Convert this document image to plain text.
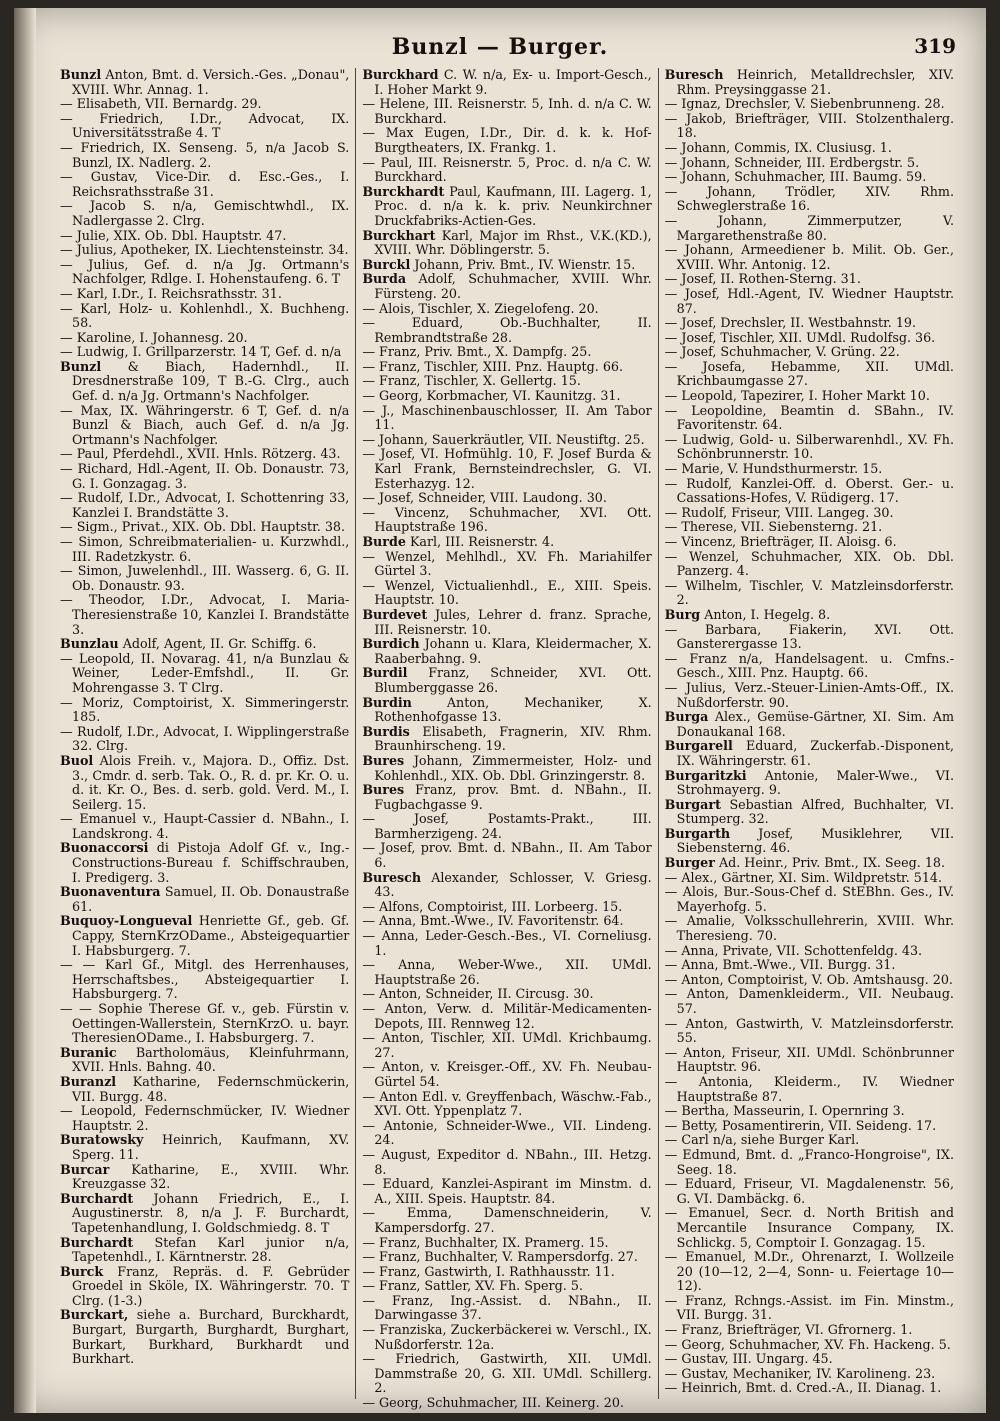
Bunzl — Burger.	319

Bunzl Anton, Bmt. d. Versich.-Ges. „Donau", XVIII. Whr. Annag. 1.

— Elisabeth, VII. Bernardg. 29.

— Friedrich, I.Dr., Advocat, IX. Universitätsstraße 4. T

— Friedrich, IX. Senseng. 5, n/a Jacob S. Bunzl, IX. Nadlerg. 2.

— Gustav, Vice-Dir. d. Esc.-Ges., I. Reichsrathsstraße 31.

— Jacob S. n/a, Gemischtwhdl., IX. Nadlergasse 2. Clrg.

— Julie, XIX. Ob. Dbl. Hauptstr. 47.

— Julius, Apotheker, IX. Liechtensteinstr. 34.

— Julius, Gef. d. n/a Jg. Ortmann's Nachfolger, Rdlge. I. Hohenstaufeng. 6. T

— Karl, I.Dr., I. Reichsrathsstr. 31.

— Karl, Holz- u. Kohlenhdl., X. Buchheng. 58.

— Karoline, I. Johannesg. 20.

— Ludwig, I. Grillparzerstr. 14 T, Gef. d. n/a

Bunzl & Biach, Hadernhdl., II. Dresdnerstraße 109, T B.-G. Clrg., auch Gef. d. n/a Jg. Ortmann's Nachfolger.

— Max, IX. Währingerstr. 6 T, Gef. d. n/a Bunzl & Biach, auch Gef. d. n/a Jg. Ortmann's Nachfolger.

— Paul, Pferdehdl., XVII. Hnls. Rötzerg. 43.

— Richard, Hdl.-Agent, II. Ob. Donaustr. 73, G. I. Gonzagag. 3.

— Rudolf, I.Dr., Advocat, I. Schottenring 33, Kanzlei I. Brandstätte 3.

— Sigm., Privat., XIX. Ob. Dbl. Hauptstr. 38.

— Simon, Schreibmaterialien- u. Kurzwhdl., III. Radetzkystr. 6.

— Simon, Juwelenhdl., III. Wasserg. 6, G. II. Ob. Donaustr. 93.

— Theodor, I.Dr., Advocat, I. Maria-Theresienstraße 10, Kanzlei I. Brandstätte 3.

Bunzlau Adolf, Agent, II. Gr. Schiffg. 6.

— Leopold, II. Novarag. 41, n/a Bunzlau & Weiner, Leder-Emfshdl., II. Gr. Mohrengasse 3. T Clrg.

— Moriz, Comptoirist, X. Simmeringerstr. 185.

— Rudolf, I.Dr., Advocat, I. Wipplingerstraße 32. Clrg.

Buol Alois Freih. v., Majora. D., Offiz. Dst. 3., Cmdr. d. serb. Tak. O., R. d. pr. Kr. O. u. d. it. Kr. O., Bes. d. serb. gold. Verd. M., I. Seilerg. 15.

— Emanuel v., Haupt-Cassier d. NBahn., I. Landskrong. 4.

Buonaccorsi di Pistoja Adolf Gf. v., Ing.-Constructions-Bureau f. Schiffschrauben, I. Predigerg. 3.

Buonaventura Samuel, II. Ob. Donaustraße 61.

Buquoy-Longueval Henriette Gf., geb. Gf. Cappy, SternKrzODame., Absteigequartier I. Habsburgerg. 7.

— — Karl Gf., Mitgl. des Herrenhauses, Herrschaftsbes., Absteigequartier I. Habsburgerg. 7.

— — Sophie Therese Gf. v., geb. Fürstin v. Oettingen-Wallerstein, SternKrzO. u. bayr. TheresienODame., I. Habsburgerg. 7.

Buranic Bartholomäus, Kleinfuhrmann, XVII. Hnls. Bahng. 40.

Buranzl Katharine, Federnschmückerin, VII. Burgg. 48.

— Leopold, Federnschmücker, IV. Wiedner Hauptstr. 2.

Buratowsky Heinrich, Kaufmann, XV. Sperg. 11.

Burcar Katharine, E., XVIII. Whr. Kreuzgasse 32.

Burchardt Johann Friedrich, E., I. Augustinerstr. 8, n/a J. F. Burchardt, Tapetenhandlung, I. Goldschmiedg. 8. T

Burchardt Stefan Karl junior n/a, Tapetenhdl., I. Kärntnerstr. 28.

Burck Franz, Repräs. d. F. Gebrüder Groedel in Sköle, IX. Währingerstr. 70. T Clrg. (1-3.)

Burckart, siehe a. Burchard, Burckhardt, Burgart, Burgarth, Burghardt, Burghart, Burkart, Burkhard, Burkhardt und Burkhart.

Burckhard C. W. n/a, Ex- u. Import-Gesch., I. Hoher Markt 9.

— Helene, III. Reisnerstr. 5, Inh. d. n/a C. W. Burckhard.

— Max Eugen, I.Dr., Dir. d. k. k. Hof-Burgtheaters, IX. Frankg. 1.

— Paul, III. Reisnerstr. 5, Proc. d. n/a C. W. Burckhard.

Burckhardt Paul, Kaufmann, III. Lagerg. 1, Proc. d. n/a k. k. priv. Neunkirchner Druckfabriks-Actien-Ges.

Burckhart Karl, Major im Rhst., V.K.(KD.), XVIII. Whr. Döblingerstr. 5.

Burckl Johann, Priv. Bmt., IV. Wienstr. 15.

Burda Adolf, Schuhmacher, XVIII. Whr. Fürsteng. 20.

— Alois, Tischler, X. Ziegelofeng. 20.

— Eduard, Ob.-Buchhalter, II. Rembrandtstraße 28.

— Franz, Priv. Bmt., X. Dampfg. 25.

— Franz, Tischler, XIII. Pnz. Hauptg. 66.

— Franz, Tischler, X. Gellertg. 15.

— Georg, Korbmacher, VI. Kaunitzg. 31.

— J., Maschinenbauschlosser, II. Am Tabor 11.

— Johann, Sauerkräutler, VII. Neustiftg. 25.

— Josef, VI. Hofmühlg. 10, F. Josef Burda & Karl Frank, Bernsteindrechsler, G. VI. Esterhazyg. 12.

— Josef, Schneider, VIII. Laudong. 30.

— Vincenz, Schuhmacher, XVI. Ott. Hauptstraße 196.

Burde Karl, III. Reisnerstr. 4.

— Wenzel, Mehlhdl., XV. Fh. Mariahilfer Gürtel 3.

— Wenzel, Victualienhdl., E., XIII. Speis. Hauptstr. 10.

Burdevet Jules, Lehrer d. franz. Sprache, III. Reisnerstr. 10.

Burdich Johann u. Klara, Kleidermacher, X. Raaberbahng. 9.

Burdil Franz, Schneider, XVI. Ott. Blumberggasse 26.

Burdin Anton, Mechaniker, X. Rothenhofgasse 13.

Burdis Elisabeth, Fragnerin, XIV. Rhm. Braunhirscheng. 19.

Bures Johann, Zimmermeister, Holz- und Kohlenhdl., XIX. Ob. Dbl. Grinzingerstr. 8.

Bures Franz, prov. Bmt. d. NBahn., II. Fugbachgasse 9.

— Josef, Postamts-Prakt., III. Barmherzigeng. 24.

— Josef, prov. Bmt. d. NBahn., II. Am Tabor 6.

Buresch Alexander, Schlosser, V. Griesg. 43.

— Alfons, Comptoirist, III. Lorbeerg. 15.

— Anna, Bmt.-Wwe., IV. Favoritenstr. 64.

— Anna, Leder-Gesch.-Bes., VI. Corneliusg. 1.

— Anna, Weber-Wwe., XII. UMdl. Hauptstraße 26.

— Anton, Schneider, II. Circusg. 30.

— Anton, Verw. d. Militär-Medicamenten-Depots, III. Rennweg 12.

— Anton, Tischler, XII. UMdl. Krichbaumg. 27.

— Anton, v. Kreisger.-Off., XV. Fh. Neubau-Gürtel 54.

— Anton Edl. v. Greyffenbach, Wäschw.-Fab., XVI. Ott. Yppenplatz 7.

— Antonie, Schneider-Wwe., VII. Lindeng. 24.

— August, Expeditor d. NBahn., III. Hetzg. 8.

— Eduard, Kanzlei-Aspirant im Minstm. d. A., XIII. Speis. Hauptstr. 84.

— Emma, Damenschneiderin, V. Kampersdorfg. 27.

— Franz, Buchhalter, IX. Pramerg. 15.

— Franz, Buchhalter, V. Rampersdorfg. 27.

— Franz, Gastwirth, I. Rathhausstr. 11.

— Franz, Sattler, XV. Fh. Sperg. 5.

— Franz, Ing.-Assist. d. NBahn., II. Darwingasse 37.

— Franziska, Zuckerbäckerei w. Verschl., IX. Nußdorferstr. 12a.

— Friedrich, Gastwirth, XII. UMdl. Dammstraße 20, G. XII. UMdl. Schillerg. 2.

— Georg, Schuhmacher, III. Keinerg. 20.

Buresch Heinrich, Metalldrechsler, XIV. Rhm. Preysinggasse 21.

— Ignaz, Drechsler, V. Siebenbrunneng. 28.

— Jakob, Briefträger, VIII. Stolzenthalerg. 18.

— Johann, Commis, IX. Clusiusg. 1.

— Johann, Schneider, III. Erdbergstr. 5.

— Johann, Schuhmacher, III. Baumg. 59.

— Johann, Trödler, XIV. Rhm. Schweglerstraße 16.

— Johann, Zimmerputzer, V. Margarethenstraße 80.

— Johann, Armeediener b. Milit. Ob. Ger., XVIII. Whr. Antonig. 12.

— Josef, II. Rothen-Sterng. 31.

— Josef, Hdl.-Agent, IV. Wiedner Hauptstr. 87.

— Josef, Drechsler, II. Westbahnstr. 19.

— Josef, Tischler, XII. UMdl. Rudolfsg. 36.

— Josef, Schuhmacher, V. Grüng. 22.

— Josefa, Hebamme, XII. UMdl. Krichbaumgasse 27.

— Leopold, Tapezirer, I. Hoher Markt 10.

— Leopoldine, Beamtin d. SBahn., IV. Favoritenstr. 64.

— Ludwig, Gold- u. Silberwarenhdl., XV. Fh. Schönbrunnerstr. 10.

— Marie, V. Hundsthurmerstr. 15.

— Rudolf, Kanzlei-Off. d. Oberst. Ger.- u. Cassations-Hofes, V. Rüdigerg. 17.

— Rudolf, Friseur, VIII. Langeg. 30.

— Therese, VII. Siebensterng. 21.

— Vincenz, Briefträger, II. Aloisg. 6.

— Wenzel, Schuhmacher, XIX. Ob. Dbl. Panzerg. 4.

— Wilhelm, Tischler, V. Matzleinsdorferstr. 2.

Burg Anton, I. Hegelg. 8.

— Barbara, Fiakerin, XVI. Ott. Gansterergasse 13.

— Franz n/a, Handelsagent. u. Cmfns.-Gesch., XIII. Pnz. Hauptg. 66.

— Julius, Verz.-Steuer-Linien-Amts-Off., IX. Nußdorferstr. 90.

Burga Alex., Gemüse-Gärtner, XI. Sim. Am Donaukanal 168.

Burgarell Eduard, Zuckerfab.-Disponent, IX. Währingerstr. 61.

Burgaritzki Antonie, Maler-Wwe., VI. Strohmayerg. 9.

Burgart Sebastian Alfred, Buchhalter, VI. Stumperg. 32.

Burgarth Josef, Musiklehrer, VII. Siebensterng. 46.

Burger Ad. Heinr., Priv. Bmt., IX. Seeg. 18.

— Alex., Gärtner, XI. Sim. Wildpretstr. 514.

— Alois, Bur.-Sous-Chef d. StEBhn. Ges., IV. Mayerhofg. 5.

— Amalie, Volksschullehrerin, XVIII. Whr. Theresieng. 70.

— Anna, Private, VII. Schottenfeldg. 43.

— Anna, Bmt.-Wwe., VII. Burgg. 31.

— Anton, Comptoirist, V. Ob. Amtshausg. 20.

— Anton, Damenkleiderm., VII. Neubaug. 57.

— Anton, Gastwirth, V. Matzleinsdorferstr. 55.

— Anton, Friseur, XII. UMdl. Schönbrunner Hauptstr. 96.

— Antonia, Kleiderm., IV. Wiedner Hauptstraße 87.

— Bertha, Masseurin, I. Opernring 3.

— Betty, Posamentirerin, VII. Seideng. 17.

— Carl n/a, siehe Burger Karl.

— Edmund, Bmt. d. „Franco-Hongroise", IX. Seeg. 18.

— Eduard, Friseur, VI. Magdalenenstr. 56, G. VI. Dambäckg. 6.

— Emanuel, Secr. d. North British and Mercantile Insurance Company, IX. Schlickg. 5, Comptoir I. Gonzagag. 15.

— Emanuel, M.Dr., Ohrenarzt, I. Wollzeile 20 (10—12, 2—4, Sonn- u. Feiertage 10—12).

— Franz, Rchngs.-Assist. im Fin. Minstm., VII. Burgg. 31.

— Franz, Briefträger, VI. Gfrornerg. 1.

— Georg, Schuhmacher, XV. Fh. Hackeng. 5.

— Gustav, III. Ungarg. 45.

— Gustav, Mechaniker, IV. Karolineng. 23.

— Heinrich, Bmt. d. Cred.-A., II. Dianag. 1.
